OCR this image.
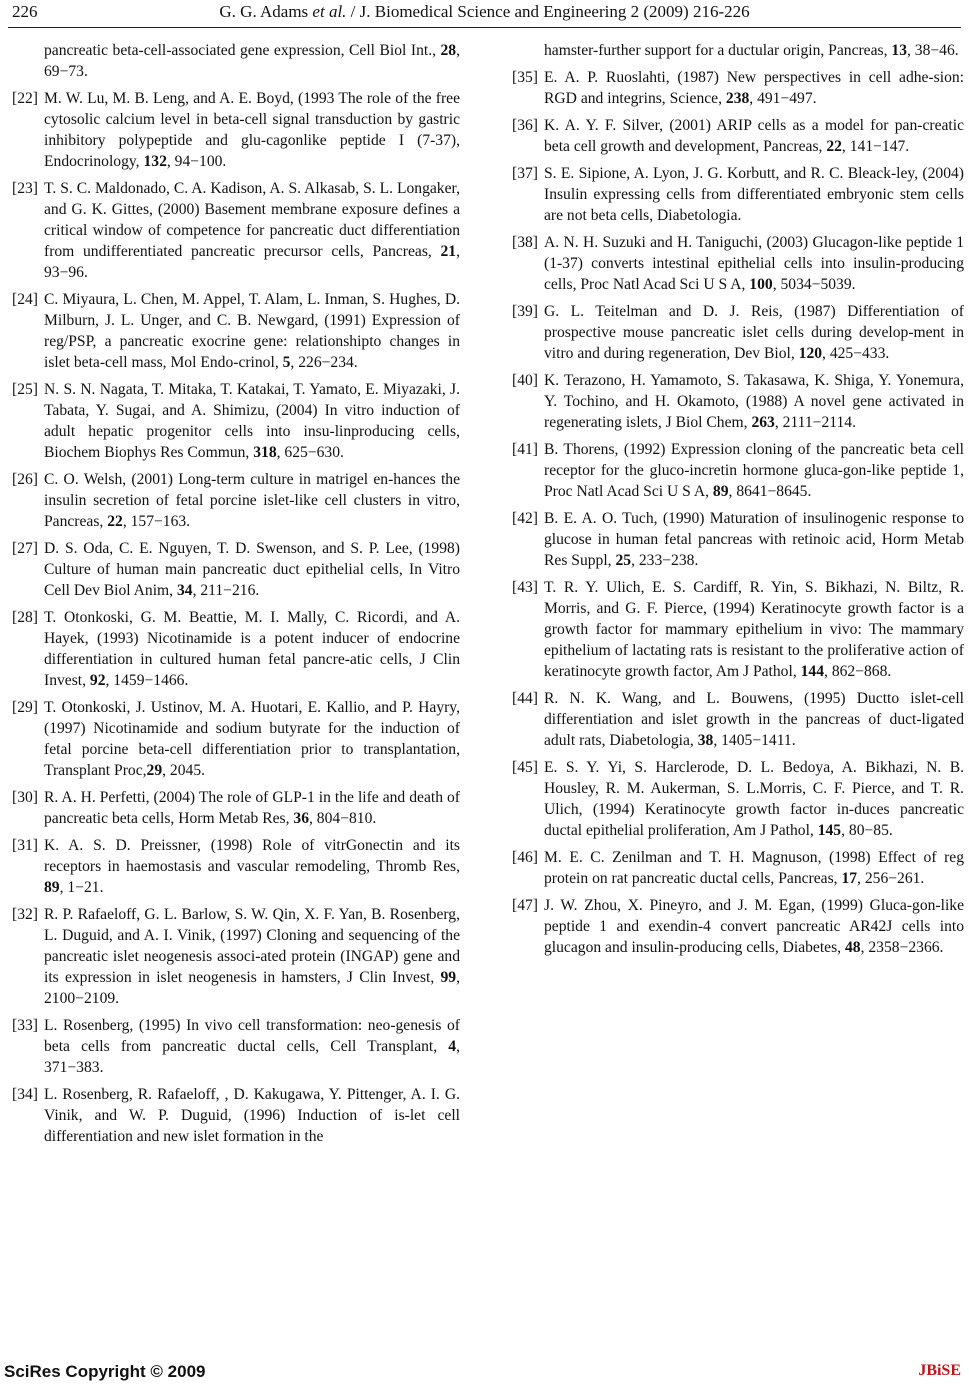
226	G. G. Adams et al. / J. Biomedical Science and Engineering 2 (2009) 216-226
pancreatic beta-cell-associated gene expression, Cell Biol Int., 28, 69−73.
[22] M. W. Lu, M. B. Leng, and A. E. Boyd, (1993 The role of the free cytosolic calcium level in beta-cell signal transduction by gastric inhibitory polypeptide and glu-cagonlike peptide I (7-37), Endocrinology, 132, 94−100.
[23] T. S. C. Maldonado, C. A. Kadison, A. S. Alkasab, S. L. Longaker, and G. K. Gittes, (2000) Basement membrane exposure defines a critical window of competence for pancreatic duct differentiation from undifferentiated pancreatic precursor cells, Pancreas, 21, 93−96.
[24] C. Miyaura, L. Chen, M. Appel, T. Alam, L. Inman, S. Hughes, D. Milburn, J. L. Unger, and C. B. Newgard, (1991) Expression of reg/PSP, a pancreatic exocrine gene: relationshipto changes in islet beta-cell mass, Mol Endo-crinol, 5, 226−234.
[25] N. S. N. Nagata, T. Mitaka, T. Katakai, T. Yamato, E. Miyazaki, J. Tabata, Y. Sugai, and A. Shimizu, (2004) In vitro induction of adult hepatic progenitor cells into insu-linproducing cells, Biochem Biophys Res Commun, 318, 625−630.
[26] C. O. Welsh, (2001) Long-term culture in matrigel en-hances the insulin secretion of fetal porcine islet-like cell clusters in vitro, Pancreas, 22, 157−163.
[27] D. S. Oda, C. E. Nguyen, T. D. Swenson, and S. P. Lee, (1998) Culture of human main pancreatic duct epithelial cells, In Vitro Cell Dev Biol Anim, 34, 211−216.
[28] T. Otonkoski, G. M. Beattie, M. I. Mally, C. Ricordi, and A. Hayek, (1993) Nicotinamide is a potent inducer of endocrine differentiation in cultured human fetal pancre-atic cells, J Clin Invest, 92, 1459−1466.
[29] T. Otonkoski, J. Ustinov, M. A. Huotari, E. Kallio, and P. Hayry, (1997) Nicotinamide and sodium butyrate for the induction of fetal porcine beta-cell differentiation prior to transplantation, Transplant Proc,29, 2045.
[30] R. A. H. Perfetti, (2004) The role of GLP-1 in the life and death of pancreatic beta cells, Horm Metab Res, 36, 804−810.
[31] K. A. S. D. Preissner, (1998) Role of vitrGonectin and its receptors in haemostasis and vascular remodeling, Thromb Res, 89, 1−21.
[32] R. P. Rafaeloff, G. L. Barlow, S. W. Qin, X. F. Yan, B. Rosenberg, L. Duguid, and A. I. Vinik, (1997) Cloning and sequencing of the pancreatic islet neogenesis associ-ated protein (INGAP) gene and its expression in islet neogenesis in hamsters, J Clin Invest, 99, 2100−2109.
[33] L. Rosenberg, (1995) In vivo cell transformation: neo-genesis of beta cells from pancreatic ductal cells, Cell Transplant, 4, 371−383.
[34] L. Rosenberg, R. Rafaeloff, , D. Kakugawa, Y. Pittenger, A. I. G. Vinik, and W. P. Duguid, (1996) Induction of is-let cell differentiation and new islet formation in the
hamster-further support for a ductular origin, Pancreas, 13, 38−46.
[35] E. A. P. Ruoslahti, (1987) New perspectives in cell adhe-sion: RGD and integrins, Science, 238, 491−497.
[36] K. A. Y. F. Silver, (2001) ARIP cells as a model for pan-creatic beta cell growth and development, Pancreas, 22, 141−147.
[37] S. E. Sipione, A. Lyon, J. G. Korbutt, and R. C. Bleack-ley, (2004) Insulin expressing cells from differentiated embryonic stem cells are not beta cells, Diabetologia.
[38] A. N. H. Suzuki and H. Taniguchi, (2003) Glucagon-like peptide 1 (1-37) converts intestinal epithelial cells into insulin-producing cells, Proc Natl Acad Sci U S A, 100, 5034−5039.
[39] G. L. Teitelman and D. J. Reis, (1987) Differentiation of prospective mouse pancreatic islet cells during develop-ment in vitro and during regeneration, Dev Biol, 120, 425−433.
[40] K. Terazono, H. Yamamoto, S. Takasawa, K. Shiga, Y. Yonemura, Y. Tochino, and H. Okamoto, (1988) A novel gene activated in regenerating islets, J Biol Chem, 263, 2111−2114.
[41] B. Thorens, (1992) Expression cloning of the pancreatic beta cell receptor for the gluco-incretin hormone gluca-gon-like peptide 1, Proc Natl Acad Sci U S A, 89, 8641−8645.
[42] B. E. A. O. Tuch, (1990) Maturation of insulinogenic response to glucose in human fetal pancreas with retinoic acid, Horm Metab Res Suppl, 25, 233−238.
[43] T. R. Y. Ulich, E. S. Cardiff, R. Yin, S. Bikhazi, N. Biltz, R. Morris, and G. F. Pierce, (1994) Keratinocyte growth factor is a growth factor for mammary epithelium in vivo: The mammary epithelium of lactating rats is resistant to the proliferative action of keratinocyte growth factor, Am J Pathol, 144, 862−868.
[44] R. N. K. Wang, and L. Bouwens, (1995) Ductto islet-cell differentiation and islet growth in the pancreas of duct-ligated adult rats, Diabetologia, 38, 1405−1411.
[45] E. S. Y. Yi, S. Harclerode, D. L. Bedoya, A. Bikhazi, N. B. Housley, R. M. Aukerman, S. L.Morris, C. F. Pierce, and T. R. Ulich, (1994) Keratinocyte growth factor in-duces pancreatic ductal epithelial proliferation, Am J Pathol, 145, 80−85.
[46] M. E. C. Zenilman and T. H. Magnuson, (1998) Effect of reg protein on rat pancreatic ductal cells, Pancreas, 17, 256−261.
[47] J. W. Zhou, X. Pineyro, and J. M. Egan, (1999) Gluca-gon-like peptide 1 and exendin-4 convert pancreatic AR42J cells into glucagon and insulin-producing cells, Diabetes, 48, 2358−2366.
SciRes Copyright © 2009	JBiSE
